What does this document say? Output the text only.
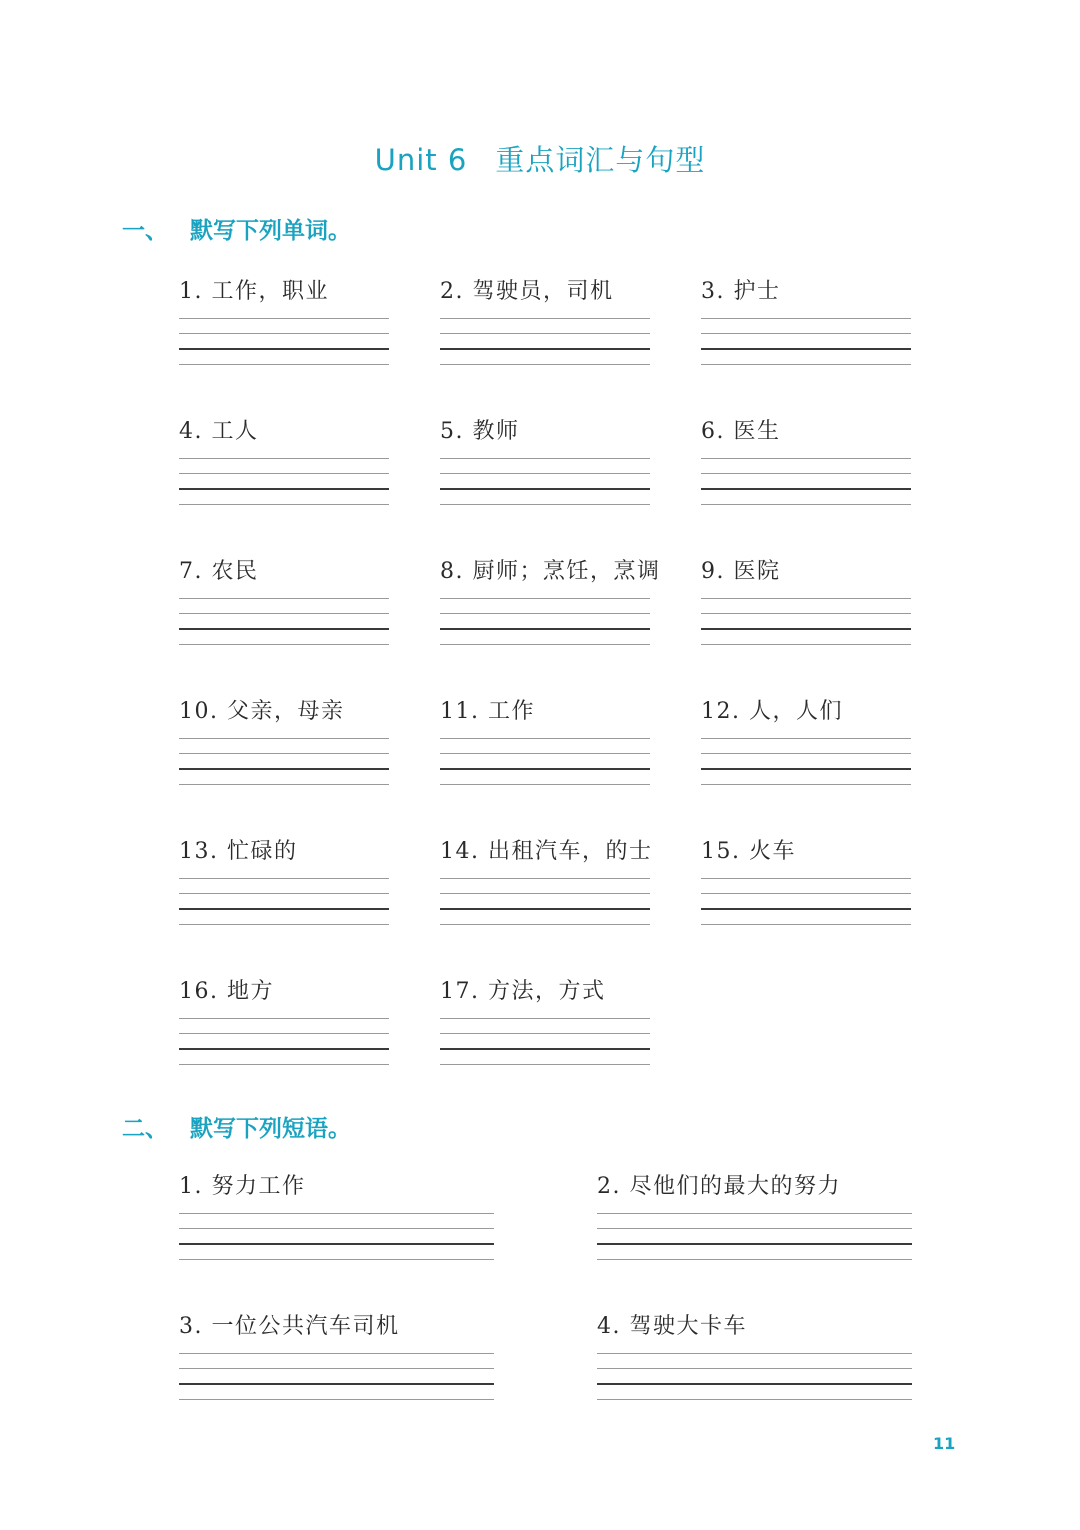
Unit 6 重点词汇与句型
一、 默写下列单词。
1. 工作，职业	2. 驾驶员，司机	3. 护士
4. 工人	5. 教师	6. 医生
7. 农民	8. 厨师；烹饪，烹调 9. 医院
10. 父亲，母亲	11. 工作	12. 人，人们
13. 忙碌的	14. 出租汽车，的士 15. 火车
16. 地方	17. 方法，方式
二、 默写下列短语。
1. 努力工作	2. 尽他们的最大的努力
3. 一位公共汽车司机	4. 驾驶大卡车
11
